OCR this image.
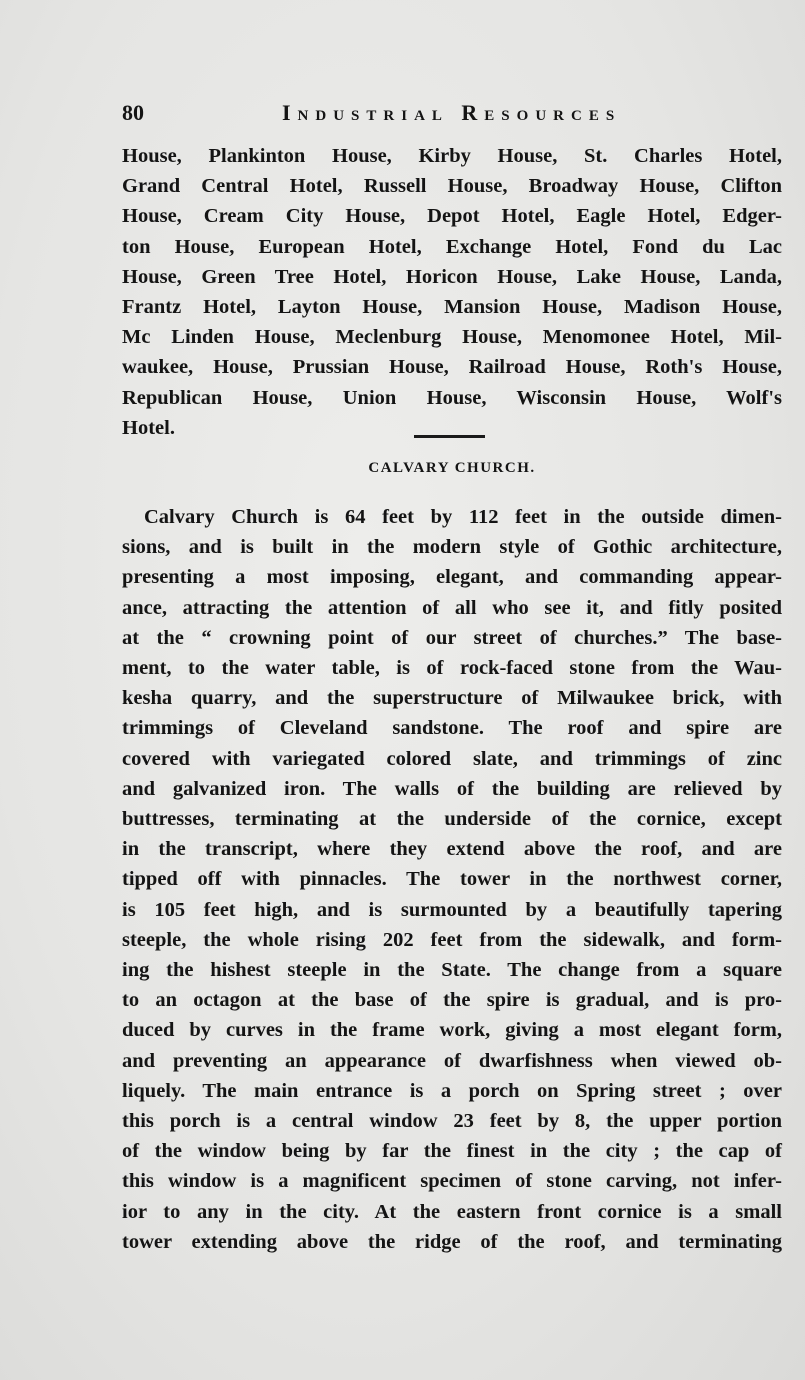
80	Industrial Resources
House, Plankinton House, Kirby House, St. Charles Hotel,
Grand Central Hotel, Russell House, Broadway House, Clifton
House, Cream City House, Depot Hotel, Eagle Hotel, Edger-
ton House, European Hotel, Exchange Hotel, Fond du Lac
House, Green Tree Hotel, Horicon House, Lake House, Landa,
Frantz Hotel, Layton House, Mansion House, Madison House,
Mc Linden House, Meclenburg House, Menomonee Hotel, Mil-
waukee, House, Prussian House, Railroad House, Roth's House,
Republican House, Union House, Wisconsin House, Wolf's
Hotel.
CALVARY CHURCH.
Calvary Church is 64 feet by 112 feet in the outside dimen-
sions, and is built in the modern style of Gothic architecture,
presenting a most imposing, elegant, and commanding appear-
ance, attracting the attention of all who see it, and fitly posited
at the “ crowning point of our street of churches.” The base-
ment, to the water table, is of rock-faced stone from the Wau-
kesha quarry, and the superstructure of Milwaukee brick, with
trimmings of Cleveland sandstone. The roof and spire are
covered with variegated colored slate, and trimmings of zinc
and galvanized iron. The walls of the building are relieved by
buttresses, terminating at the underside of the cornice, except
in the transcript, where they extend above the roof, and are
tipped off with pinnacles. The tower in the northwest corner,
is 105 feet high, and is surmounted by a beautifully tapering
steeple, the whole rising 202 feet from the sidewalk, and form-
ing the hishest steeple in the State. The change from a square
to an octagon at the base of the spire is gradual, and is pro-
duced by curves in the frame work, giving a most elegant form,
and preventing an appearance of dwarfishness when viewed ob-
liquely. The main entrance is a porch on Spring street ; over
this porch is a central window 23 feet by 8, the upper portion
of the window being by far the finest in the city ; the cap of
this window is a magnificent specimen of stone carving, not infer-
ior to any in the city. At the eastern front cornice is a small
tower extending above the ridge of the roof, and terminating
